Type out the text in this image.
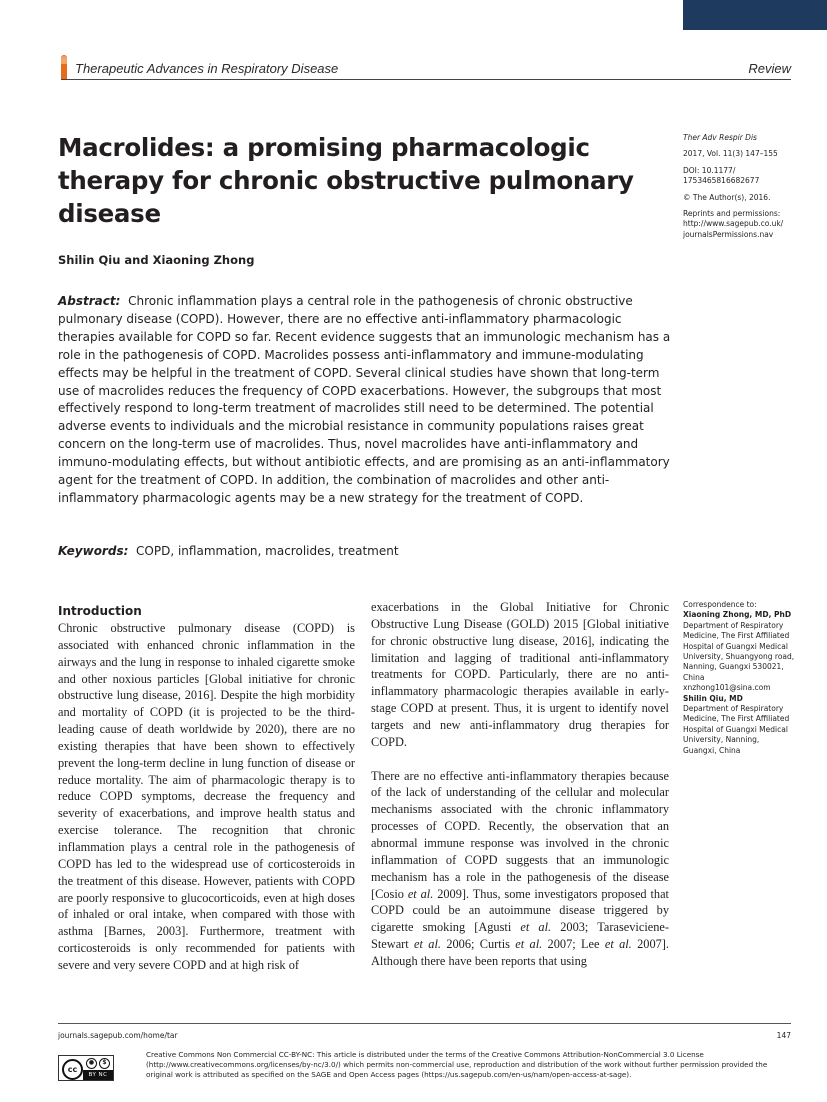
Therapeutic Advances in Respiratory Disease	Review
Macrolides: a promising pharmacologic therapy for chronic obstructive pulmonary disease
Shilin Qiu and Xiaoning Zhong
Ther Adv Respir Dis
2017, Vol. 11(3) 147–155
DOI: 10.1177/
1753465816682677
© The Author(s), 2016.
Reprints and permissions:
http://www.sagepub.co.uk/
journalsPermissions.nav
Abstract: Chronic inflammation plays a central role in the pathogenesis of chronic obstructive pulmonary disease (COPD). However, there are no effective anti-inflammatory pharmacologic therapies available for COPD so far. Recent evidence suggests that an immunologic mechanism has a role in the pathogenesis of COPD. Macrolides possess anti-inflammatory and immune-modulating effects may be helpful in the treatment of COPD. Several clinical studies have shown that long-term use of macrolides reduces the frequency of COPD exacerbations. However, the subgroups that most effectively respond to long-term treatment of macrolides still need to be determined. The potential adverse events to individuals and the microbial resistance in community populations raises great concern on the long-term use of macrolides. Thus, novel macrolides have anti-inflammatory and immuno-modulating effects, but without antibiotic effects, and are promising as an anti-inflammatory agent for the treatment of COPD. In addition, the combination of macrolides and other anti-inflammatory pharmacologic agents may be a new strategy for the treatment of COPD.
Keywords: COPD, inflammation, macrolides, treatment
Introduction

Chronic obstructive pulmonary disease (COPD) is associated with enhanced chronic inflammation in the airways and the lung in response to inhaled cigarette smoke and other noxious particles [Global initiative for chronic obstructive lung disease, 2016]. Despite the high morbidity and mortality of COPD (it is projected to be the third-leading cause of death worldwide by 2020), there are no existing therapies that have been shown to effectively prevent the long-term decline in lung function of disease or reduce mortality. The aim of pharmacologic therapy is to reduce COPD symptoms, decrease the frequency and severity of exacerbations, and improve health status and exercise tolerance. The recognition that chronic inflammation plays a central role in the pathogenesis of COPD has led to the widespread use of corticosteroids in the treatment of this disease. However, patients with COPD are poorly responsive to glucocorticoids, even at high doses of inhaled or oral intake, when compared with those with asthma [Barnes, 2003]. Furthermore, treatment with corticosteroids is only recommended for patients with severe and very severe COPD and at high risk of

exacerbations in the Global Initiative for Chronic Obstructive Lung Disease (GOLD) 2015 [Global initiative for chronic obstructive lung disease, 2016], indicating the limitation and lagging of traditional anti-inflammatory treatments for COPD. Particularly, there are no anti-inflammatory pharmacologic therapies available in early-stage COPD at present. Thus, it is urgent to identify novel targets and new anti-inflammatory drug therapies for COPD.

There are no effective anti-inflammatory therapies because of the lack of understanding of the cellular and molecular mechanisms associated with the chronic inflammatory processes of COPD. Recently, the observation that an abnormal immune response was involved in the chronic inflammation of COPD suggests that an immunologic mechanism has a role in the pathogenesis of the disease [Cosio et al. 2009]. Thus, some investigators proposed that COPD could be an autoimmune disease triggered by cigarette smoking [Agusti et al. 2003; Taraseviciene-Stewart et al. 2006; Curtis et al. 2007; Lee et al. 2007]. Although there have been reports that using

Correspondence to:
Xiaoning Zhong, MD, PhD
Department of Respiratory Medicine, The First Affiliated Hospital of Guangxi Medical University, Shuangyong road, Nanning, Guangxi 530021, China
xnzhong101@sina.com
Shilin Qiu, MD
Department of Respiratory Medicine, The First Affiliated Hospital of Guangxi Medical University, Nanning, Guangxi, China
journals.sagepub.com/home/tar	147
cc
●	$
BY NC
Creative Commons Non Commercial CC-BY-NC: This article is distributed under the terms of the Creative Commons Attribution-NonCommercial 3.0 License (http://www.creativecommons.org/licenses/by-nc/3.0/) which permits non-commercial use, reproduction and distribution of the work without further permission provided the original work is attributed as specified on the SAGE and Open Access pages (https://us.sagepub.com/en-us/nam/open-access-at-sage).
